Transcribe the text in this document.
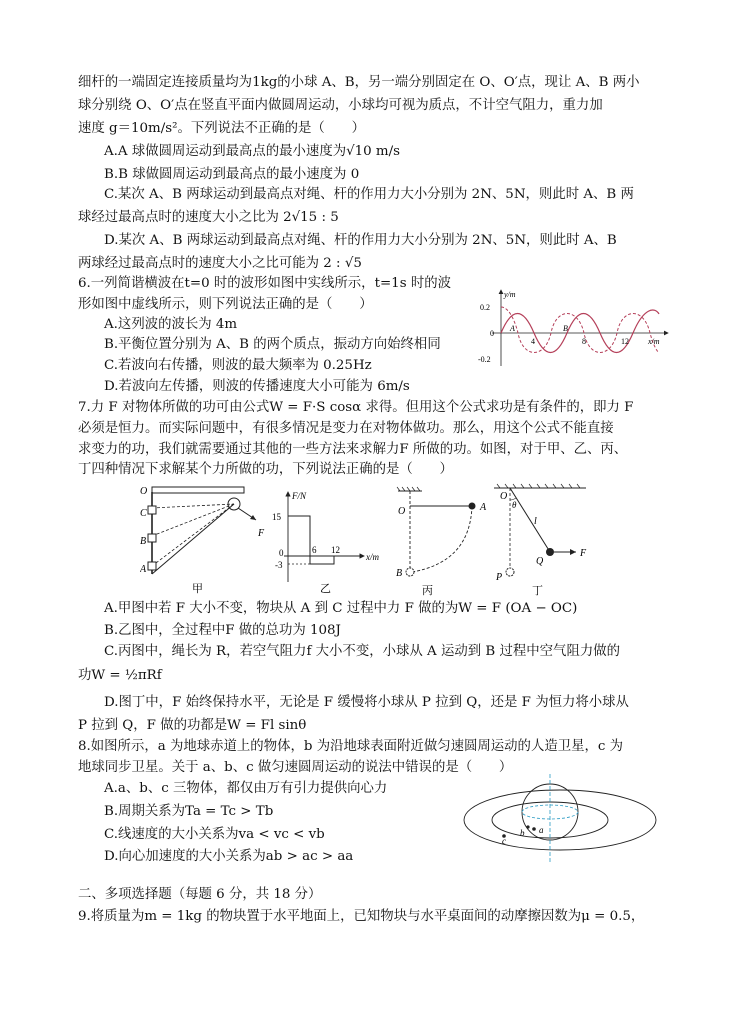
细杆的一端固定连接质量均为1kg的小球 A、B，另一端分别固定在 O、O′点，现让 A、B 两小
球分别绕 O、O′点在竖直平面内做圆周运动，小球均可视为质点，不计空气阻力，重力加
速度 g＝10m/s²。下列说法不正确的是（　　）
A.A 球做圆周运动到最高点的最小速度为√10 m/s
B.B 球做圆周运动到最高点的最小速度为 0
C.某次 A、B 两球运动到最高点对绳、杆的作用力大小分别为 2N、5N，则此时 A、B 两
球经过最高点时的速度大小之比为 2√15 : 5
D.某次 A、B 两球运动到最高点对绳、杆的作用力大小分别为 2N、5N，则此时 A、B
两球经过最高点时的速度大小之比可能为 2 : √5
6.一列简谐横波在t=0 时的波形如图中实线所示，t=1s 时的波
形如图中虚线所示，则下列说法正确的是（　　）
A.这列波的波长为 4m
B.平衡位置分别为 A、B 的两个质点，振动方向始终相同
C.若波向右传播，则波的最大频率为 0.25Hz
D.若波向左传播，则波的传播速度大小可能为 6m/s
0.2
0
-0.2
y/m
x/m
4	8	12
A	B
7.力 F 对物体所做的功可由公式W = F·S cosα 求得。但用这个公式求功是有条件的，即力 F
必须是恒力。而实际问题中，有很多情况是变力在对物体做功。那么，用这个公式不能直接
求变力的功，我们就需要通过其他的一些方法来求解力F 所做的功。如图，对于甲、乙、丙、
丁四种情况下求解某个力所做的功，下列说法正确的是（　　）
O
C
B
A
F
甲
F/N
x/m
15
0
-3
6 12
乙
O	A
B
丙
O
θ
l
Q
F
P
丁
A.甲图中若 F 大小不变，物块从 A 到 C 过程中力 F 做的为W = F (OA − OC)
B.乙图中，全过程中F 做的总功为 108J
C.丙图中，绳长为 R，若空气阻力f 大小不变，小球从 A 运动到 B 过程中空气阻力做的
功W = ½πRf
D.图丁中，F 始终保持水平，无论是 F 缓慢将小球从 P 拉到 Q，还是 F 为恒力将小球从
P 拉到 Q，F 做的功都是W = Fl sinθ
8.如图所示，a 为地球赤道上的物体，b 为沿地球表面附近做匀速圆周运动的人造卫星，c 为
地球同步卫星。关于 a、b、c 做匀速圆周运动的说法中错误的是（　　）
A.a、b、c 三物体，都仅由万有引力提供向心力
B.周期关系为Ta = Tc > Tb
C.线速度的大小关系为va < vc < vb
D.向心加速度的大小关系为ab > ac > aa
b a
c
二、多项选择题（每题 6 分，共 18 分）
9.将质量为m = 1kg 的物块置于水平地面上，已知物块与水平桌面间的动摩擦因数为μ = 0.5，
